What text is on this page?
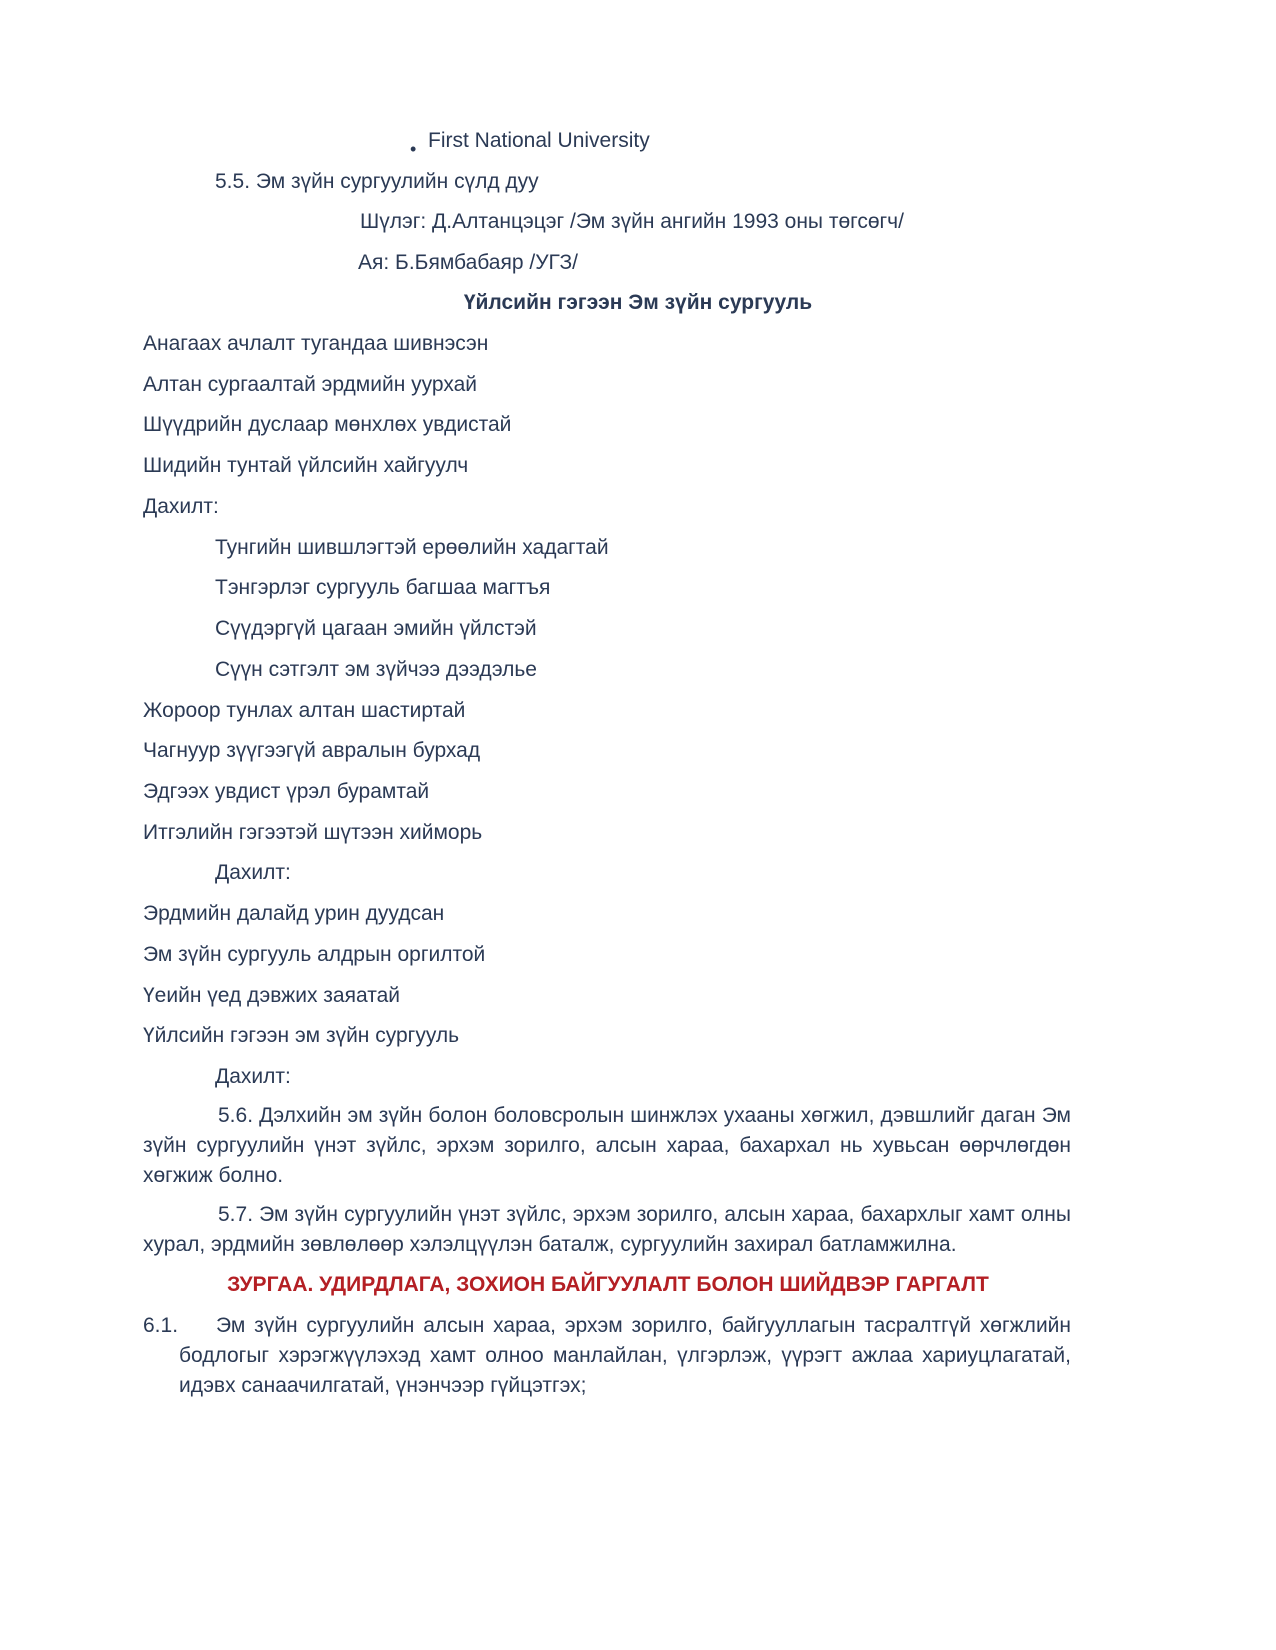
• First National University
5.5. Эм зүйн сургуулийн сүлд дуу
Шүлэг: Д.Алтанцэцэг /Эм зүйн ангийн 1993 оны төгсөгч/
Ая: Б.Бямбабаяр /УГЗ/
Үйлсийн гэгээн Эм зүйн сургууль
Анагаах ачлалт тугандаа шивнэсэн
Алтан сургаалтай эрдмийн уурхай
Шүүдрийн дуслаар мөнхлөх увдистай
Шидийн тунтай үйлсийн хайгуулч
Дахилт:
Тунгийн шившлэгтэй ерөөлийн хадагтай
Тэнгэрлэг сургууль багшаа магтъя
Сүүдэргүй цагаан эмийн үйлстэй
Сүүн сэтгэлт эм зүйчээ дээдэлье
Жороор тунлах алтан шастиртай
Чагнуур зүүгээгүй авралын бурхад
Эдгээх увдист үрэл бурамтай
Итгэлийн гэгээтэй шүтээн хийморь
Дахилт:
Эрдмийн далайд урин дуудсан
Эм зүйн сургууль алдрын оргилтой
Үеийн үед дэвжих заяатай
Үйлсийн гэгээн эм зүйн сургууль
Дахилт:
5.6. Дэлхийн эм зүйн болон боловсролын шинжлэх ухааны хөгжил, дэвшлийг даган Эм зүйн сургуулийн үнэт зүйлс, эрхэм зорилго, алсын хараа, бахархал нь хувьсан өөрчлөгдөн хөгжиж болно.
5.7. Эм зүйн сургуулийн үнэт зүйлс, эрхэм зорилго, алсын хараа, бахархлыг хамт олны хурал, эрдмийн зөвлөлөөр хэлэлцүүлэн баталж, сургуулийн захирал батламжилна.
ЗУРГАА. УДИРДЛАГА, ЗОХИОН БАЙГУУЛАЛТ БОЛОН ШИЙДВЭР ГАРГАЛТ
6.1.	Эм зүйн сургуулийн алсын хараа, эрхэм зорилго, байгууллагын тасралтгүй хөгжлийн бодлогыг хэрэгжүүлэхэд хамт олноо манлайлан, үлгэрлэж, үүрэгт ажлаа хариуцлагатай, идэвх санаачилгатай, үнэнчээр гүйцэтгэх;
